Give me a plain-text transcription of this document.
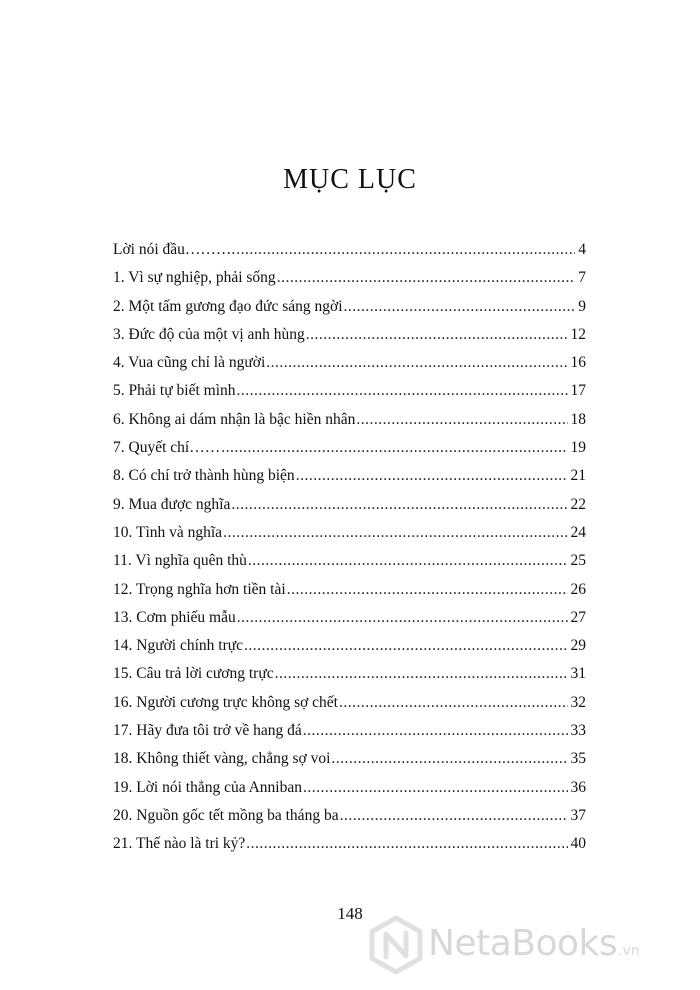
MỤC LỤC
Lời nói đầu………. .....	4
1. Vì sự nghiệp, phải sống .....	7
2. Một tấm gương đạo đức sáng ngời .....	9
3. Đức độ của một vị anh hùng .....	12
4. Vua cũng chỉ là người .....	16
5. Phải tự biết mình .....	17
6. Không ai dám nhận là bậc hiền nhân .....	18
7. Quyết chí…… .....	19
8. Có chí trở thành hùng biện .....	21
9. Mua được nghĩa .....	22
10. Tình và nghĩa .....	24
11. Vì nghĩa quên thù .....	25
12. Trọng nghĩa hơn tiền tài .....	26
13. Cơm phiếu mẫu .....	27
14. Người chính trực .....	29
15. Câu trả lời cương trực .....	31
16. Người cương trực không sợ chết .....	32
17. Hãy đưa tôi trở về hang đá .....	33
18. Không thiết vàng, chẳng sợ voi .....	35
19. Lời nói thẳng của Anniban .....	36
20. Nguồn gốc tết mồng ba tháng ba .....	37
21. Thế nào là tri kỷ? .....	40
148
NetaBooks.vn
